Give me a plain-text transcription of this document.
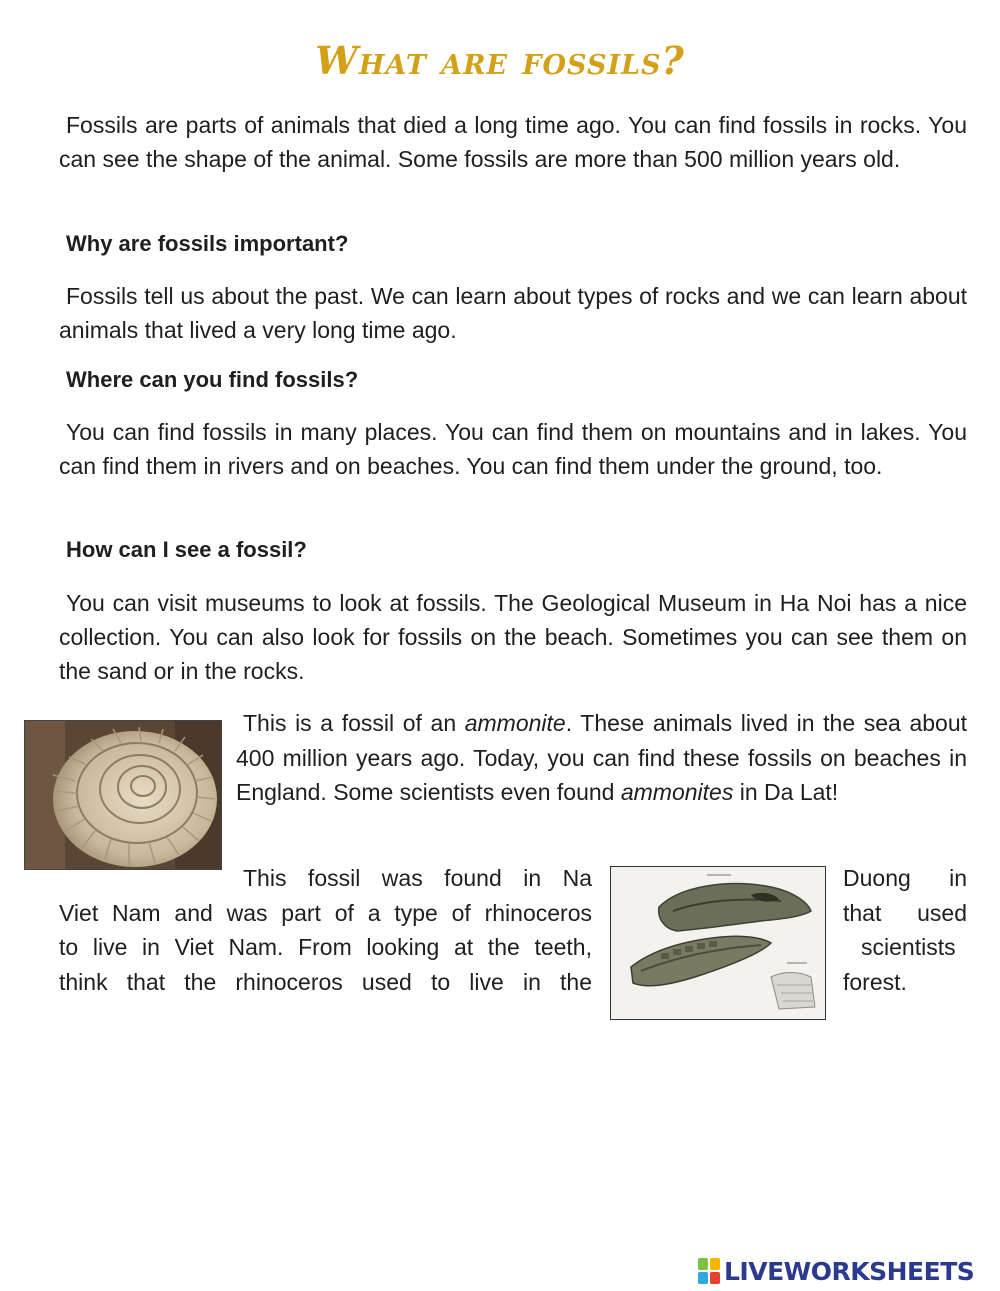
What are fossils?

Fossils are parts of animals that died a long time ago. You can find fossils in rocks. You can see the shape of the animal. Some fossils are more than 500 million years old.

Why are fossils important?

Fossils tell us about the past. We can learn about types of rocks and we can learn about animals that lived a very long time ago.

Where can you find fossils?

You can find fossils in many places. You can find them on mountains and in lakes. You can find them in rivers and on beaches. You can find them under the ground, too.

How can I see a fossil?

You can visit museums to look at fossils. The Geological Museum in Ha Noi has a nice collection. You can also look for fossils on the beach. Sometimes you can see them on the sand or in the rocks.

This is a fossil of an ammonite. These animals lived in the sea about 400 million years ago. Today, you can find these fossils on beaches in England. Some scientists even found ammonites in Da Lat!

This fossil was found in Na
Viet Nam and was part of a type of rhinoceros
to live in Viet Nam. From looking at the teeth,
think that the rhinoceros used to live in the
Duong in
that used
scientists
forest.
LIVEWORKSHEETS
